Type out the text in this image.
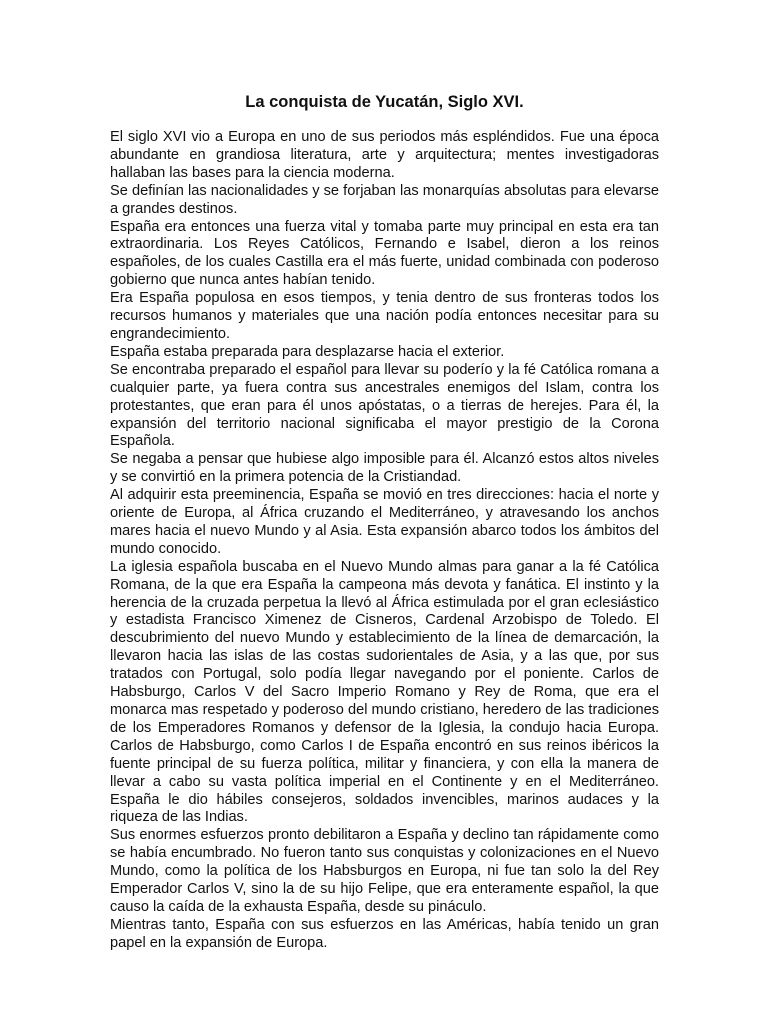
La conquista de Yucatán, Siglo XVI.

El siglo XVI vio a Europa en uno de sus periodos más espléndidos. Fue una época abundante en grandiosa literatura, arte y arquitectura; mentes investigadoras hallaban las bases para la ciencia moderna.

Se definían las nacionalidades y se forjaban las monarquías absolutas para elevarse a grandes destinos.

España era entonces una fuerza vital y tomaba parte muy principal en esta era tan extraordinaria. Los Reyes Católicos, Fernando e Isabel, dieron a los reinos españoles, de los cuales Castilla era el más fuerte, unidad combinada con poderoso gobierno que nunca antes habían tenido.

Era España populosa en esos tiempos, y tenia dentro de sus fronteras todos los recursos humanos y materiales que una nación podía entonces necesitar para su engrandecimiento.

España estaba preparada para desplazarse hacia el exterior.

Se encontraba preparado el español para llevar su poderío y la fé Católica romana a cualquier parte, ya fuera contra sus ancestrales enemigos del Islam, contra los protestantes, que eran para él unos apóstatas, o a tierras de herejes. Para él, la expansión del territorio nacional significaba el mayor prestigio de la Corona Española.

Se negaba a pensar que hubiese algo imposible para él. Alcanzó estos altos niveles y se convirtió en la primera potencia de la Cristiandad.

Al adquirir esta preeminencia, España se movió en tres direcciones: hacia el norte y oriente de Europa, al África cruzando el Mediterráneo, y atravesando los anchos mares hacia el nuevo Mundo y al Asia. Esta expansión abarco todos los ámbitos del mundo conocido.

La iglesia española buscaba en el Nuevo Mundo almas para ganar a la fé Católica Romana, de la que era España la campeona más devota y fanática. El instinto y la herencia de la cruzada perpetua la llevó al África estimulada por el gran eclesiástico y estadista Francisco Ximenez de Cisneros, Cardenal Arzobispo de Toledo. El descubrimiento del nuevo Mundo y establecimiento de la línea de demarcación, la llevaron hacia las islas de las costas sudorientales de Asia, y a las que, por sus tratados con Portugal, solo podía llegar navegando por el poniente. Carlos de Habsburgo, Carlos V del Sacro Imperio Romano y Rey de Roma, que era el monarca mas respetado y poderoso del mundo cristiano, heredero de las tradiciones de los Emperadores Romanos y defensor de la Iglesia, la condujo hacia Europa. Carlos de Habsburgo, como Carlos I de España encontró en sus reinos ibéricos la fuente principal de su fuerza política, militar y financiera, y con ella la manera de llevar a cabo su vasta política imperial en el Continente y en el Mediterráneo. España le dio hábiles consejeros, soldados invencibles, marinos audaces y la riqueza de las Indias.

Sus enormes esfuerzos pronto debilitaron a España y declino tan rápidamente como se había encumbrado. No fueron tanto sus conquistas y colonizaciones en el Nuevo Mundo, como la política de los Habsburgos en Europa, ni fue tan solo la del Rey Emperador Carlos V, sino la de su hijo Felipe, que era enteramente español, la que causo la caída de la exhausta España, desde su pináculo.

Mientras tanto, España con sus esfuerzos en las Américas, había tenido un gran papel en la expansión de Europa.
